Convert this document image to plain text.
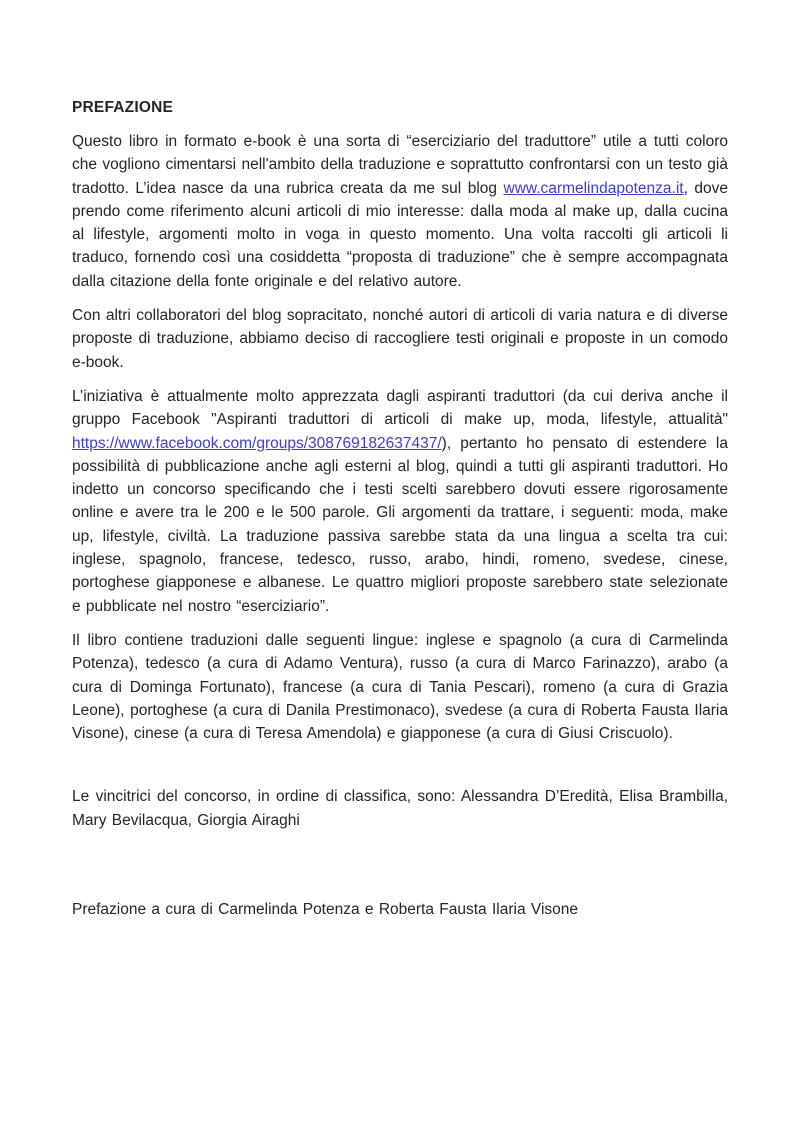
PREFAZIONE

Questo libro in formato e-book è una sorta di “eserciziario del traduttore” utile a tutti coloro che vogliono cimentarsi nell'ambito della traduzione e soprattutto confrontarsi con un testo già tradotto. L’idea nasce da una rubrica creata da me sul blog www.carmelindapotenza.it, dove prendo come riferimento alcuni articoli di mio interesse: dalla moda al make up, dalla cucina al lifestyle, argomenti molto in voga in questo momento. Una volta raccolti gli articoli li traduco, fornendo così una cosiddetta “proposta di traduzione” che è sempre accompagnata dalla citazione della fonte originale e del relativo autore.

Con altri collaboratori del blog sopracitato, nonché autori di articoli di varia natura e di diverse proposte di traduzione, abbiamo deciso di raccogliere testi originali e proposte in un comodo e-book.

L’iniziativa è attualmente molto apprezzata dagli aspiranti traduttori (da cui deriva anche il gruppo Facebook "Aspiranti traduttori di articoli di make up, moda, lifestyle, attualità" https://www.facebook.com/groups/308769182637437/), pertanto ho pensato di estendere la possibilità di pubblicazione anche agli esterni al blog, quindi a tutti gli aspiranti traduttori. Ho indetto un concorso specificando che i testi scelti sarebbero dovuti essere rigorosamente online e avere tra le 200 e le 500 parole. Gli argomenti da trattare, i seguenti: moda, make up, lifestyle, civiltà. La traduzione passiva sarebbe stata da una lingua a scelta tra cui: inglese, spagnolo, francese, tedesco, russo, arabo, hindi, romeno, svedese, cinese, portoghese giapponese e albanese. Le quattro migliori proposte sarebbero state selezionate e pubblicate nel nostro “eserciziario”.

Il libro contiene traduzioni dalle seguenti lingue: inglese e spagnolo (a cura di Carmelinda Potenza), tedesco (a cura di Adamo Ventura), russo (a cura di Marco Farinazzo), arabo (a cura di Dominga Fortunato), francese (a cura di Tania Pescari), romeno (a cura di Grazia Leone), portoghese (a cura di Danila Prestimonaco), svedese (a cura di Roberta Fausta Ilaria Visone), cinese (a cura di Teresa Amendola) e giapponese (a cura di Giusi Criscuolo).

Le vincitrici del concorso, in ordine di classifica, sono: Alessandra D’Eredità, Elisa Brambilla, Mary Bevilacqua, Giorgia Airaghi

Prefazione a cura di Carmelinda Potenza e Roberta Fausta Ilaria Visone
